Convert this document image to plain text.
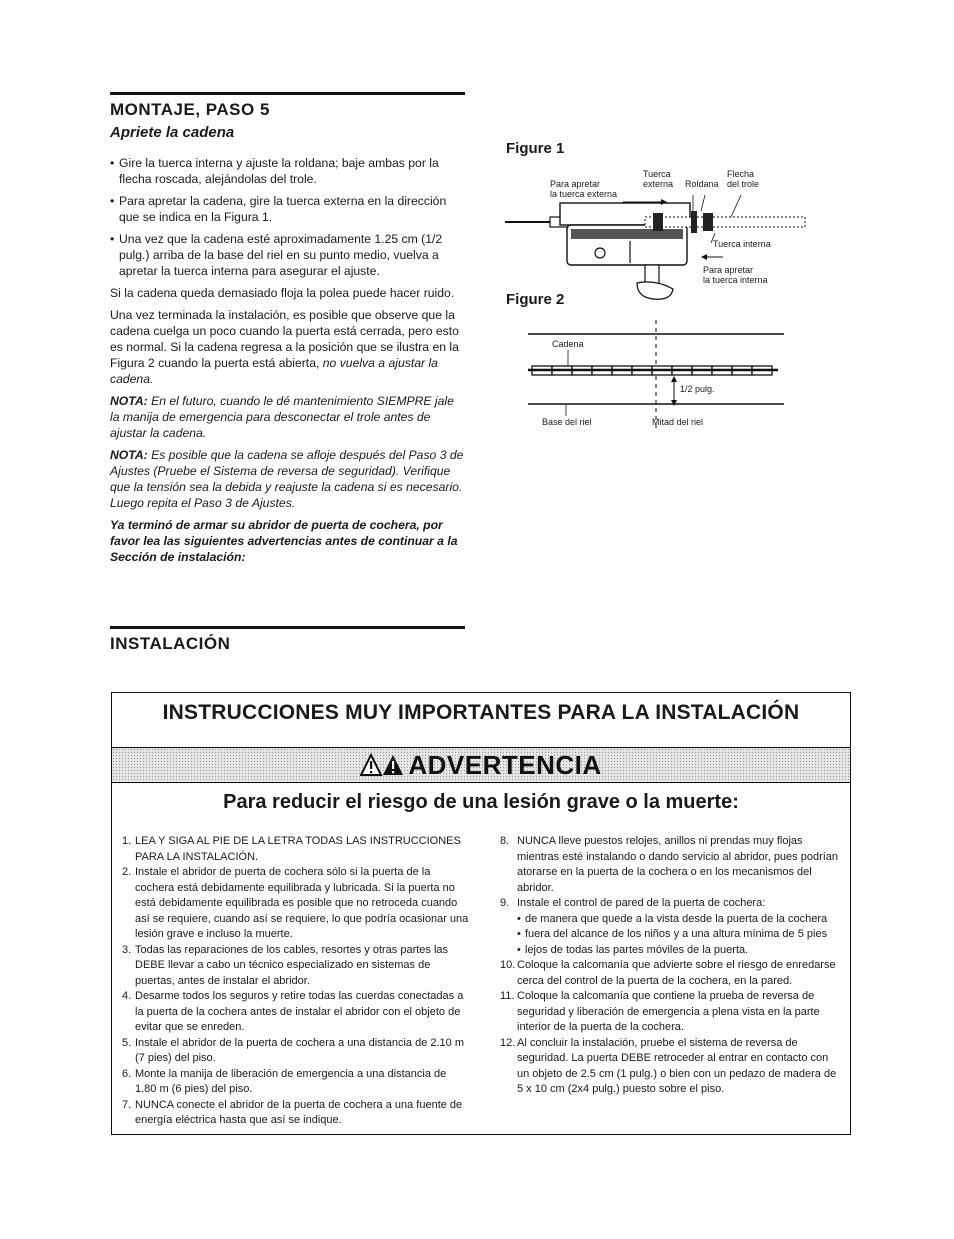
MONTAJE, PASO 5
Apriete la cadena
• Gire la tuerca interna y ajuste la roldana; baje ambas por la flecha roscada, alejándolas del trole.
• Para apretar la cadena, gire la tuerca externa en la dirección que se indica en la Figura 1.
• Una vez que la cadena esté aproximadamente 1.25 cm (1/2 pulg.) arriba de la base del riel en su punto medio, vuelva a apretar la tuerca interna para asegurar el ajuste.

Si la cadena queda demasiado floja la polea puede hacer ruido.

Una vez terminada la instalación, es posible que observe que la cadena cuelga un poco cuando la puerta está cerrada, pero esto es normal. Si la cadena regresa a la posición que se ilustra en la Figura 2 cuando la puerta está abierta, no vuelva a ajustar la cadena.

NOTA: En el futuro, cuando le dé mantenimiento SIEMPRE jale la manija de emergencia para desconectar el trole antes de ajustar la cadena.

NOTA: Es posible que la cadena se afloje después del Paso 3 de Ajustes (Pruebe el Sistema de reversa de seguridad). Verifique que la tensión sea la debida y reajuste la cadena si es necesario. Luego repita el Paso 3 de Ajustes.

Ya terminó de armar su abridor de puerta de cochera, por favor lea las siguientes advertencias antes de continuar a la Sección de instalación:

Figure 1
Para apretar
la tuerca externa
Tuerca
externa Roldana
Flecha
del trole
Tuerca interna
Para apretar
la tuerca interna
Figure 2
Cadena
1/2 pulg.
Base del riel	Mitad del riel
INSTALACIÓN
INSTRUCCIONES MUY IMPORTANTES PARA LA INSTALACIÓN
ADVERTENCIA
Para reducir el riesgo de una lesión grave o la muerte:
1. LEA Y SIGA AL PIE DE LA LETRA TODAS LAS INSTRUCCIONES PARA LA INSTALACIÓN.
2. Instale el abridor de puerta de cochera sólo si la puerta de la cochera está debidamente equilibrada y lubricada. Si la puerta no está debidamente equilibrada es posible que no retroceda cuando así se requiere, cuando así se requiere, lo que podría ocasionar una lesión grave e incluso la muerte.
3. Todas las reparaciones de los cables, resortes y otras partes las DEBE llevar a cabo un técnico especializado en sistemas de puertas, antes de instalar el abridor.
4. Desarme todos los seguros y retire todas las cuerdas conectadas a la puerta de la cochera antes de instalar el abridor con el objeto de evitar que se enreden.
5. Instale el abridor de la puerta de cochera a una distancia de 2.10 m (7 pies) del piso.
6. Monte la manija de liberación de emergencia a una distancia de 1.80 m (6 pies) del piso.
7. NUNCA conecte el abridor de la puerta de cochera a una fuente de energía eléctrica hasta que así se indique.
8. NUNCA lleve puestos relojes, anillos ni prendas muy flojas mientras esté instalando o dando servicio al abridor, pues podrían atorarse en la puerta de la cochera o en los mecanismos del abridor.
9. Instale el control de pared de la puerta de cochera:
• de manera que quede a la vista desde la puerta de la cochera
• fuera del alcance de los niños y a una altura mínima de 5 pies
• lejos de todas las partes móviles de la puerta.
10. Coloque la calcomanía que advierte sobre el riesgo de enredarse cerca del control de la puerta de la cochera, en la pared.
11. Coloque la calcomanía que contiene la prueba de reversa de seguridad y liberación de emergencia a plena vista en la parte interior de la puerta de la cochera.
12. Al concluir la instalación, pruebe el sistema de reversa de seguridad. La puerta DEBE retroceder al entrar en contacto con un objeto de 2.5 cm (1 pulg.) o bien con un pedazo de madera de 5 x 10 cm (2x4 pulg.) puesto sobre el piso.
